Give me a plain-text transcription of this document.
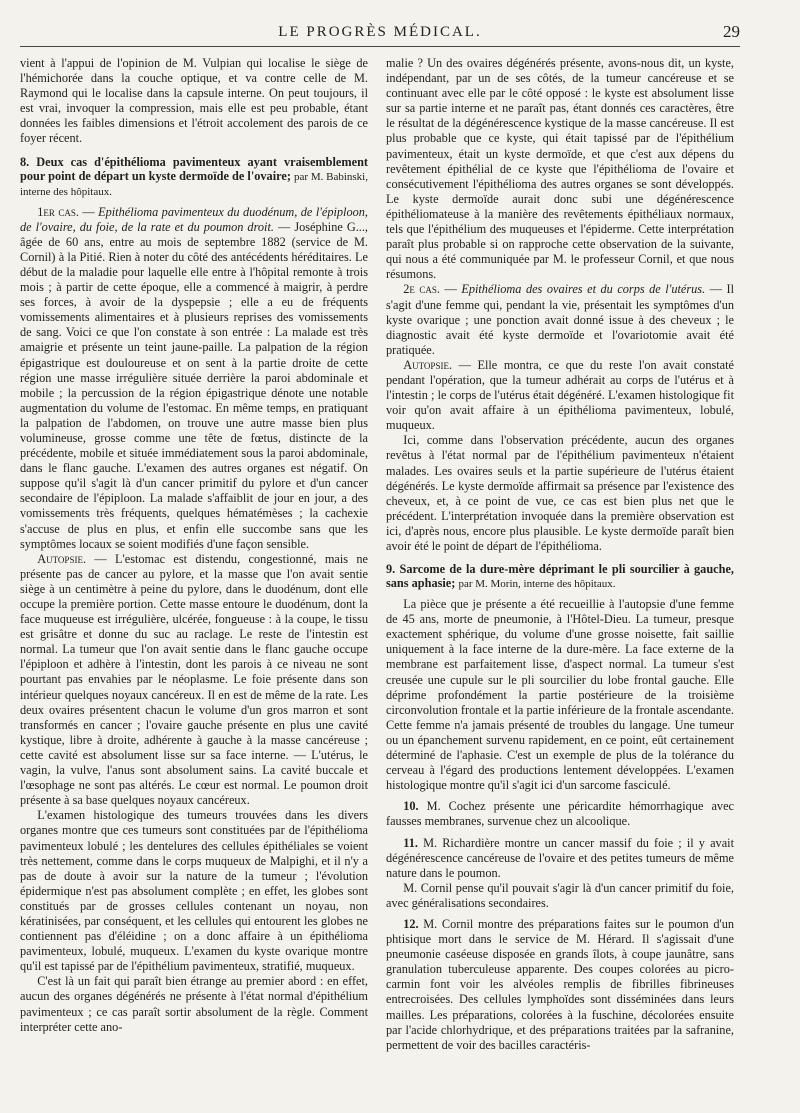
LE PROGRÈS MÉDICAL.	29

vient à l'appui de l'opinion de M. Vulpian qui localise le siège de l'hémichorée dans la couche optique, et va contre celle de M. Raymond qui le localise dans la capsule interne. On peut toujours, il est vrai, invoquer la compression, mais elle est peu probable, étant données les faibles dimensions et l'étroit accolement des parois de ce foyer récent.

8. Deux cas d'épithélioma pavimenteux ayant vraisemblement pour point de départ un kyste dermoïde de l'ovaire; par M. Babinski, interne des hôpitaux.

1er cas. — Epithélioma pavimenteux du duodénum, de l'épiploon, de l'ovaire, du foie, de la rate et du poumon droit. — Joséphine G..., âgée de 60 ans, entre au mois de septembre 1882 (service de M. Cornil) à la Pitié. Rien à noter du côté des antécédents héréditaires. Le début de la maladie pour laquelle elle entre à l'hôpital remonte à trois mois ; à partir de cette époque, elle a commencé à maigrir, à perdre ses forces, à avoir de la dyspepsie ; elle a eu de fréquents vomissements alimentaires et à plusieurs reprises des vomissements de sang. Voici ce que l'on constate à son entrée : La malade est très amaigrie et présente un teint jaune-paille. La palpation de la région épigastrique est douloureuse et on sent à la partie droite de cette région une masse irrégulière située derrière la paroi abdominale et mobile ; la percussion de la région épigastrique dénote une notable augmentation du volume de l'estomac. En même temps, en pratiquant la palpation de l'abdomen, on trouve une autre masse bien plus volumineuse, grosse comme une tête de fœtus, distincte de la précédente, mobile et située immédiatement sous la paroi abdominale, dans le flanc gauche. L'examen des autres organes est négatif. On suppose qu'il s'agit là d'un cancer primitif du pylore et d'un cancer secondaire de l'épiploon. La malade s'affaiblit de jour en jour, a des vomissements très fréquents, quelques hématémèses ; la cachexie s'accuse de plus en plus, et enfin elle succombe sans que les symptômes locaux se soient modifiés d'une façon sensible.

Autopsie. — L'estomac est distendu, congestionné, mais ne présente pas de cancer au pylore, et la masse que l'on avait sentie siège à un centimètre à peine du pylore, dans le duodénum, dont elle occupe la première portion. Cette masse entoure le duodénum, dont la face muqueuse est irrégulière, ulcérée, fongueuse : à la coupe, le tissu est grisâtre et donne du suc au raclage. Le reste de l'intestin est normal. La tumeur que l'on avait sentie dans le flanc gauche occupe l'épiploon et adhère à l'intestin, dont les parois à ce niveau ne sont pourtant pas envahies par le néoplasme. Le foie présente dans son intérieur quelques noyaux cancéreux. Il en est de même de la rate. Les deux ovaires présentent chacun le volume d'un gros marron et sont transformés en cancer ; l'ovaire gauche présente en plus une cavité kystique, libre à droite, adhérente à gauche à la masse cancéreuse ; cette cavité est absolument lisse sur sa face interne. — L'utérus, le vagin, la vulve, l'anus sont absolument sains. La cavité buccale et l'œsophage ne sont pas altérés. Le cœur est normal. Le poumon droit présente à sa base quelques noyaux cancéreux.

L'examen histologique des tumeurs trouvées dans les divers organes montre que ces tumeurs sont constituées par de l'épithélioma pavimenteux lobulé ; les dentelures des cellules épithéliales se voient très nettement, comme dans le corps muqueux de Malpighi, et il n'y a pas de doute à avoir sur la nature de la tumeur ; l'évolution épidermique n'est pas absolument complète ; en effet, les globes sont constitués par de grosses cellules contenant un noyau, non kératinisées, par conséquent, et les cellules qui entourent les globes ne contiennent pas d'éléidine ; on a donc affaire à un épithélioma pavimenteux, lobulé, muqueux. L'examen du kyste ovarique montre qu'il est tapissé par de l'épithélium pavimenteux, stratifié, muqueux.

C'est là un fait qui paraît bien étrange au premier abord : en effet, aucun des organes dégénérés ne présente à l'état normal d'épithélium pavimenteux ; ce cas paraît sortir absolument de la règle. Comment interpréter cette ano-

malie ? Un des ovaires dégénérés présente, avons-nous dit, un kyste, indépendant, par un de ses côtés, de la tumeur cancéreuse et se continuant avec elle par le côté opposé : le kyste est absolument lisse sur sa partie interne et ne paraît pas, étant donnés ces caractères, être le résultat de la dégénérescence kystique de la masse cancéreuse. Il est plus probable que ce kyste, qui était tapissé par de l'épithélium pavimenteux, était un kyste dermoïde, et que c'est aux dépens du revêtement épithélial de ce kyste que l'épithélioma de l'ovaire et consécutivement l'épithélioma des autres organes se sont développés. Le kyste dermoïde aurait donc subi une dégénérescence épithéliomateuse à la manière des revêtements épithéliaux normaux, tels que l'épithélium des muqueuses et l'épiderme. Cette interprétation paraît plus probable si on rapproche cette observation de la suivante, qui nous a été communiquée par M. le professeur Cornil, et que nous résumons.

2e cas. — Epithélioma des ovaires et du corps de l'utérus. — Il s'agit d'une femme qui, pendant la vie, présentait les symptômes d'un kyste ovarique ; une ponction avait donné issue à des cheveux ; le diagnostic avait été kyste dermoïde et l'ovariotomie avait été pratiquée.

Autopsie. — Elle montra, ce que du reste l'on avait constaté pendant l'opération, que la tumeur adhérait au corps de l'utérus et à l'intestin ; le corps de l'utérus était dégénéré. L'examen histologique fit voir qu'on avait affaire à un épithélioma pavimenteux, lobulé, muqueux.

Ici, comme dans l'observation précédente, aucun des organes revêtus à l'état normal par de l'épithélium pavimenteux n'étaient malades. Les ovaires seuls et la partie supérieure de l'utérus étaient dégénérés. Le kyste dermoïde affirmait sa présence par l'existence des cheveux, et, à ce point de vue, ce cas est bien plus net que le précédent. L'interprétation invoquée dans la première observation est ici, d'après nous, encore plus plausible. Le kyste dermoïde paraît bien avoir été le point de départ de l'épithélioma.

9. Sarcome de la dure-mère déprimant le pli sourcilier à gauche, sans aphasie; par M. Morin, interne des hôpitaux.

La pièce que je présente a été recueillie à l'autopsie d'une femme de 45 ans, morte de pneumonie, à l'Hôtel-Dieu. La tumeur, presque exactement sphérique, du volume d'une grosse noisette, fait saillie uniquement à la face interne de la dure-mère. La face externe de la membrane est parfaitement lisse, d'aspect normal. La tumeur s'est creusée une cupule sur le pli sourcilier du lobe frontal gauche. Elle déprime profondément la partie postérieure de la troisième circonvolution frontale et la partie inférieure de la frontale ascendante. Cette femme n'a jamais présenté de troubles du langage. Une tumeur ou un épanchement survenu rapidement, en ce point, eût certainement déterminé de l'aphasie. C'est un exemple de plus de la tolérance du cerveau à l'égard des productions lentement développées. L'examen histologique montre qu'il s'agit ici d'un sarcome fasciculé.

10. M. Cochez présente une péricardite hémorrhagique avec fausses membranes, survenue chez un alcoolique.

11. M. Richardière montre un cancer massif du foie ; il y avait dégénérescence cancéreuse de l'ovaire et des petites tumeurs de même nature dans le poumon.

M. Cornil pense qu'il pouvait s'agir là d'un cancer primitif du foie, avec généralisations secondaires.

12. M. Cornil montre des préparations faites sur le poumon d'un phtisique mort dans le service de M. Hérard. Il s'agissait d'une pneumonie caséeuse disposée en grands îlots, à coupe jaunâtre, sans granulation tuberculeuse apparente. Des coupes colorées au picro-carmin font voir les alvéoles remplis de fibrilles fibrineuses entrecroisées. Des cellules lymphoïdes sont disséminées dans leurs mailles. Les préparations, colorées à la fuschine, décolorées ensuite par l'acide chlorhydrique, et des préparations traitées par la safranine, permettent de voir des bacilles caractéris-
